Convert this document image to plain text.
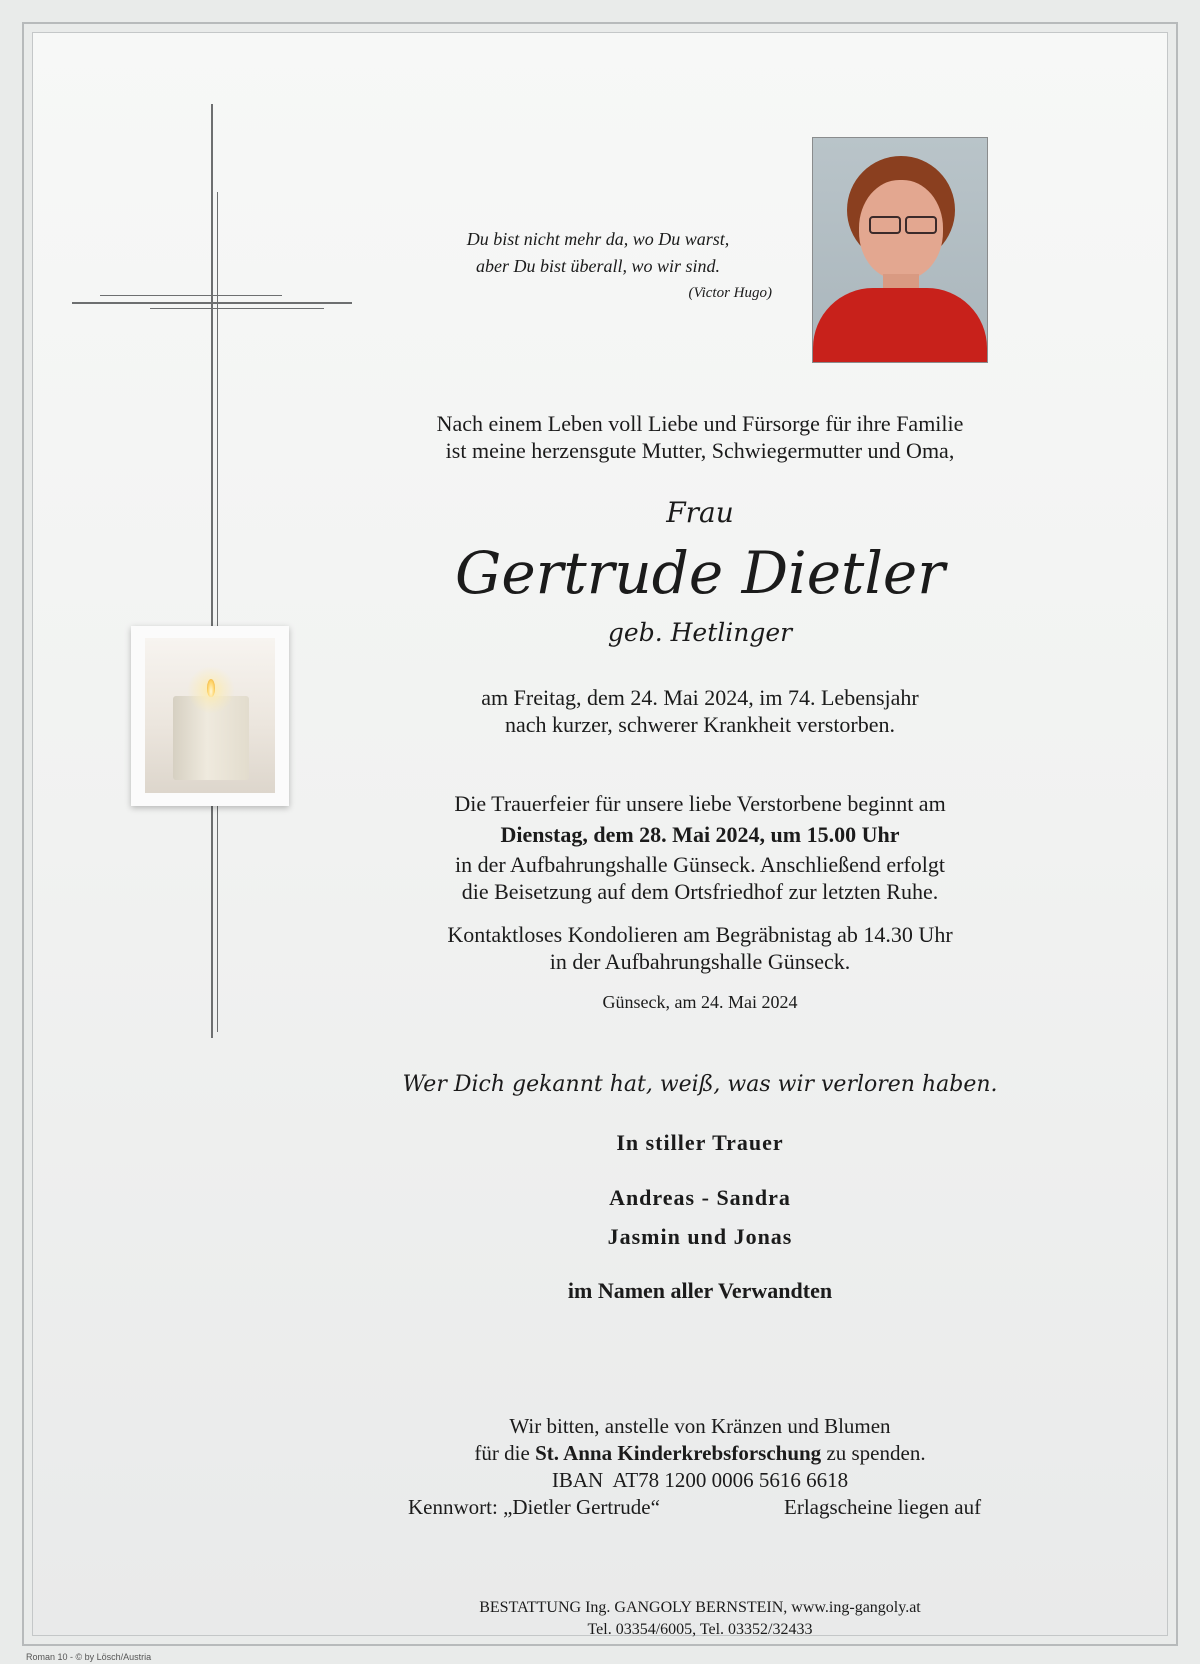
Du bist nicht mehr da, wo Du warst,

aber Du bist überall, wo wir sind.

(Victor Hugo)

Nach einem Leben voll Liebe und Fürsorge für ihre Familie

ist meine herzensgute Mutter, Schwiegermutter und Oma,

Frau

Gertrude Dietler

geb. Hetlinger

am Freitag, dem 24. Mai 2024, im 74. Lebensjahr

nach kurzer, schwerer Krankheit verstorben.

Die Trauerfeier für unsere liebe Verstorbene beginnt am

Dienstag, dem 28. Mai 2024, um 15.00 Uhr

in der Aufbahrungshalle Günseck. Anschließend erfolgt

die Beisetzung auf dem Ortsfriedhof zur letzten Ruhe.

Kontaktloses Kondolieren am Begräbnistag ab 14.30 Uhr

in der Aufbahrungshalle Günseck.

Günseck, am 24. Mai 2024

Wer Dich gekannt hat, weiß, was wir verloren haben.

In stiller Trauer

Andreas - Sandra

Jasmin und Jonas

im Namen aller Verwandten

Wir bitten, anstelle von Kränzen und Blumen

für die St. Anna Kinderkrebsforschung zu spenden.

IBAN  AT78 1200 0006 5616 6618

Kennwort: „Dietler Gertrude“	Erlagscheine liegen auf

BESTATTUNG Ing. GANGOLY BERNSTEIN, www.ing-gangoly.at

Tel. 03354/6005, Tel. 03352/32433

Roman 10 - © by Lösch/Austria
